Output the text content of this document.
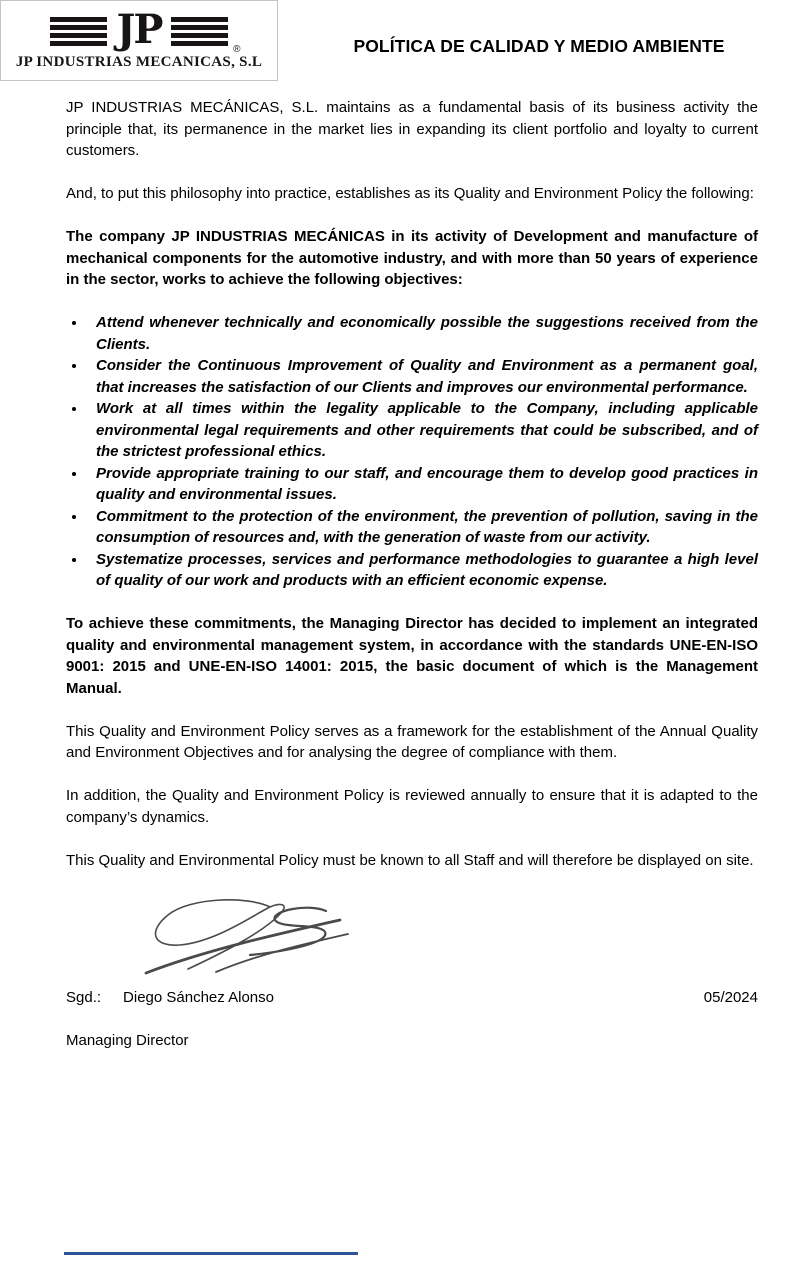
JP	®
JP INDUSTRIAS MECANICAS, S.L
POLÍTICA DE CALIDAD Y MEDIO AMBIENTE

JP INDUSTRIAS MECÁNICAS, S.L. maintains as a fundamental basis of its business activity the principle that, its permanence in the market lies in expanding its client portfolio and loyalty to current customers.

And, to put this philosophy into practice, establishes as its Quality and Environment Policy the following:

The company JP INDUSTRIAS MECÁNICAS in its activity of Development and manufacture of mechanical components for the automotive industry, and with more than 50 years of experience in the sector, works to achieve the following objectives:

• Attend whenever technically and economically possible the suggestions received from the Clients.
• Consider the Continuous Improvement of Quality and Environment as a permanent goal, that increases the satisfaction of our Clients and improves our environmental performance.
• Work at all times within the legality applicable to the Company, including applicable environmental legal requirements and other requirements that could be subscribed, and of the strictest professional ethics.
• Provide appropriate training to our staff, and encourage them to develop good practices in quality and environmental issues.
• Commitment to the protection of the environment, the prevention of pollution, saving in the consumption of resources and, with the generation of waste from our activity.
• Systematize processes, services and performance methodologies to guarantee a high level of quality of our work and products with an efficient economic expense.

To achieve these commitments, the Managing Director has decided to implement an integrated quality and environmental management system, in accordance with the standards UNE-EN-ISO 9001: 2015 and UNE-EN-ISO 14001: 2015, the basic document of which is the Management Manual.

This Quality and Environment Policy serves as a framework for the establishment of the Annual Quality and Environment Objectives and for analysing the degree of compliance with them.

In addition, the Quality and Environment Policy is reviewed annually to ensure that it is adapted to the company’s dynamics.

This Quality and Environmental Policy must be known to all Staff and will therefore be displayed on site.

Sgd.: Diego Sánchez Alonso	05/2024
Managing Director
